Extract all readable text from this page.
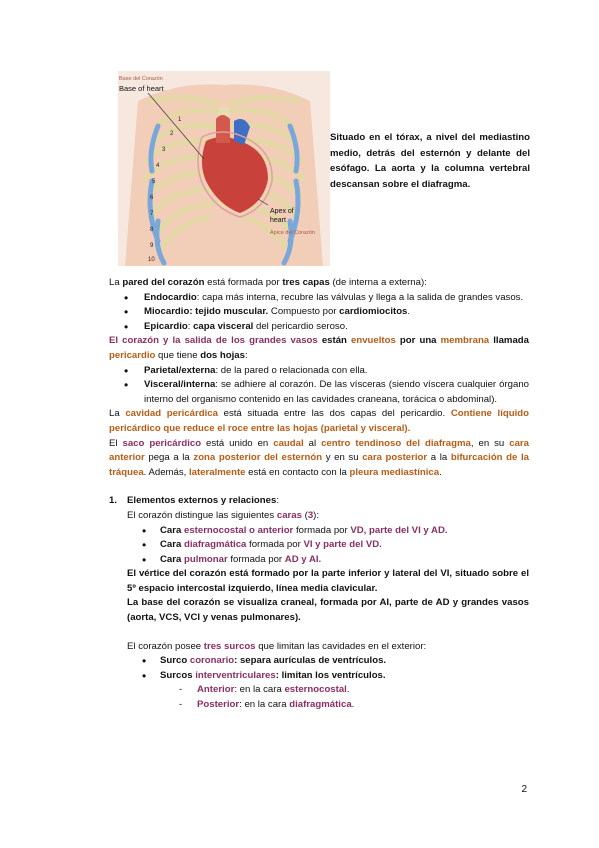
Base del Corazón
Base of heart
Apex of
heart
Ápice del Corazón
1
2
3
4
5
6
7
8
9
10
Situado en el tórax, a nivel del mediastino medio, detrás del esternón y delante del esófago. La aorta y la columna vertebral descansan sobre el diafragma.

La pared del corazón está formada por tres capas (de interna a externa):

• Endocardio: capa más interna, recubre las válvulas y llega a la salida de grandes vasos.
• Miocardio: tejido muscular. Compuesto por cardiomiocitos.
• Epicardio: capa visceral del pericardio seroso.

El corazón y la salida de los grandes vasos están envueltos por una membrana llamada pericardio que tiene dos hojas:

• Parietal/externa: de la pared o relacionada con ella.
• Visceral/interna: se adhiere al corazón. De las vísceras (siendo víscera cualquier órgano interno del organismo contenido en las cavidades craneana, torácica o abdominal).

La cavidad pericárdica está situada entre las dos capas del pericardio. Contiene líquido pericárdico que reduce el roce entre las hojas (parietal y visceral).

El saco pericárdico está unido en caudal al centro tendinoso del diafragma, en su cara anterior pega a la zona posterior del esternón y en su cara posterior a la bifurcación de la tráquea. Además, lateralmente está en contacto con la pleura mediastínica.

1. Elementos externos y relaciones:

El corazón distingue las siguientes caras (3):

• Cara esternocostal o anterior formada por VD, parte del VI y AD.
• Cara diafragmática formada por VI y parte del VD.
• Cara pulmonar formada por AD y AI.

El vértice del corazón está formado por la parte inferior y lateral del VI, situado sobre el 5º espacio intercostal izquierdo, línea media clavicular.

La base del corazón se visualiza craneal, formada por AI, parte de AD y grandes vasos (aorta, VCS, VCI y venas pulmonares).

El corazón posee tres surcos que limitan las cavidades en el exterior:

• Surco coronario: separa aurículas de ventrículos.
• Surcos interventriculares: limitan los ventrículos.
- Anterior: en la cara esternocostal.
- Posterior: en la cara diafragmática.
2
